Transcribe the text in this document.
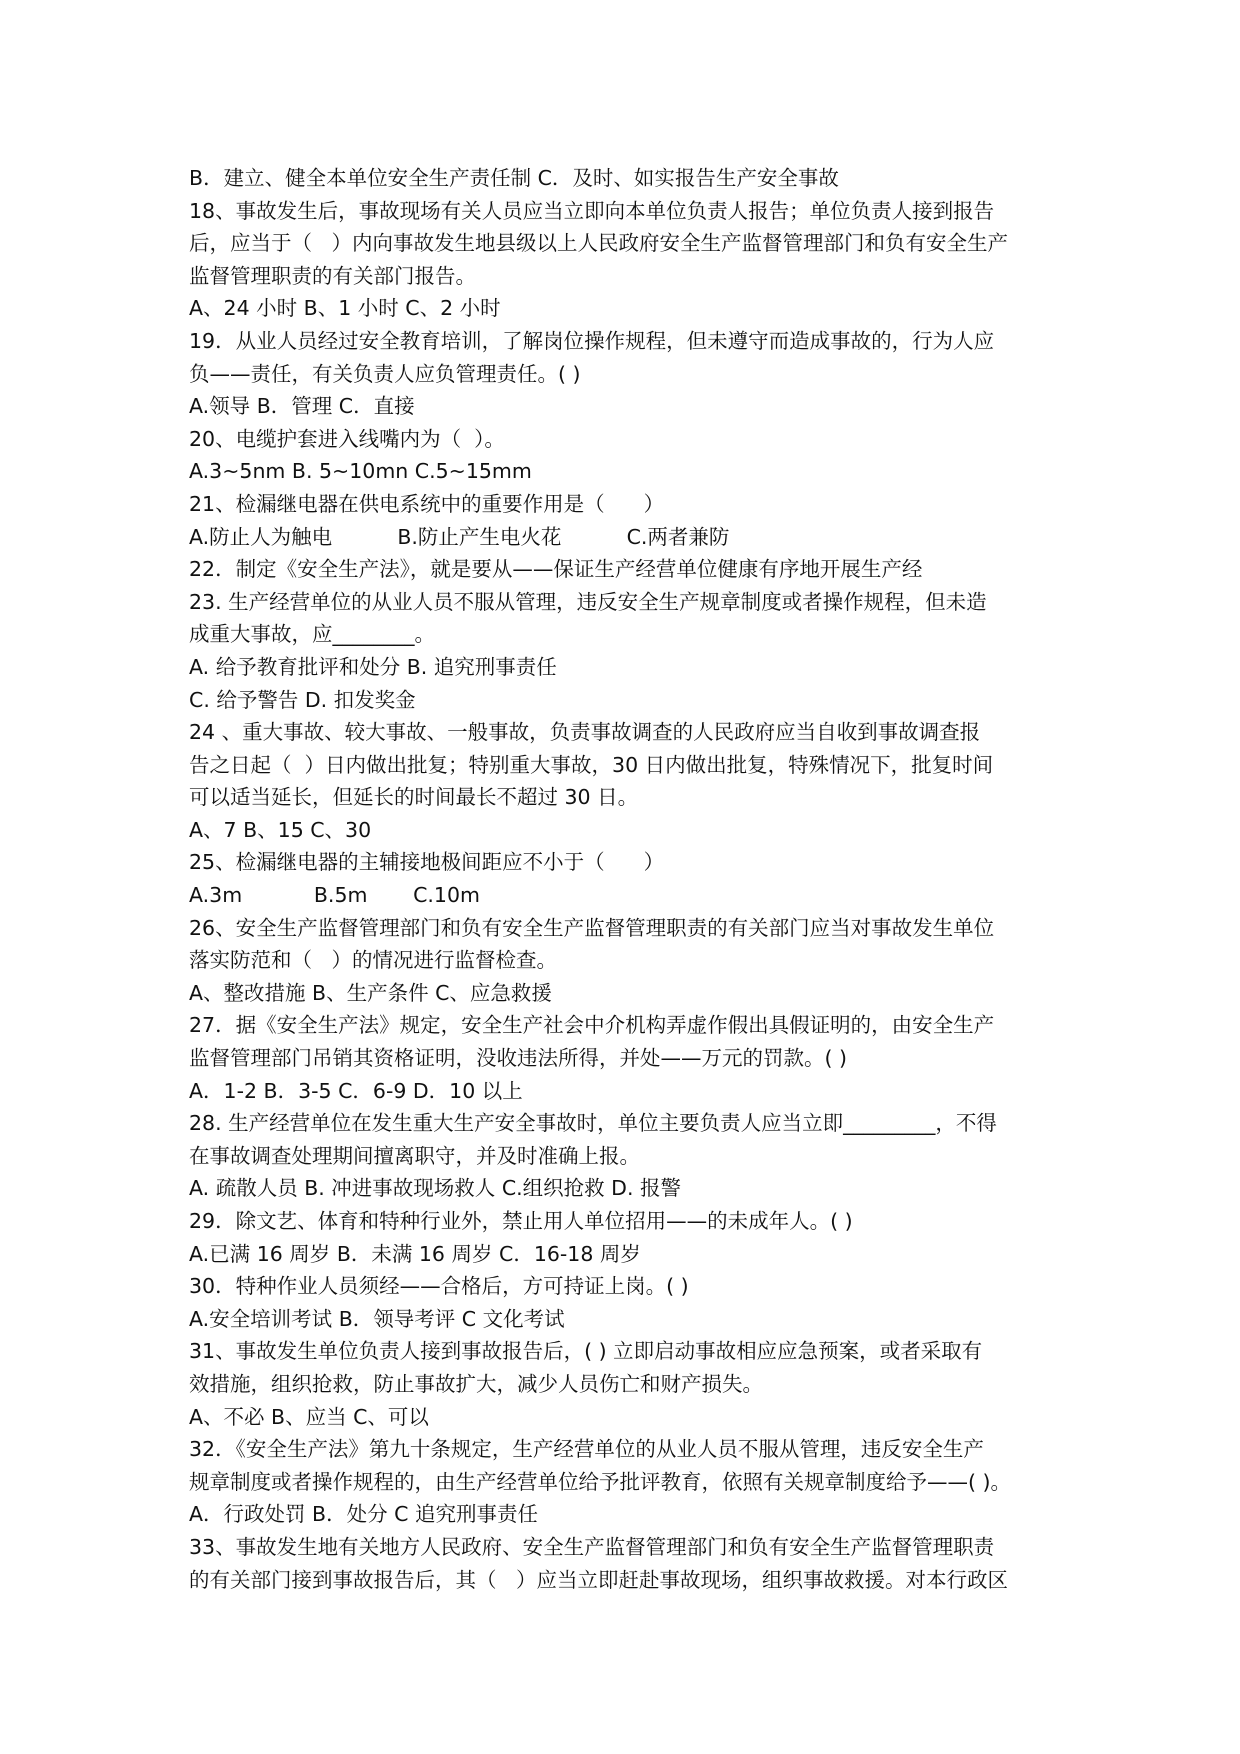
B．建立、健全本单位安全生产责任制 C．及时、如实报告生产安全事故
18、事故发生后，事故现场有关人员应当立即向本单位负责人报告；单位负责人接到报告
后，应当于（   ）内向事故发生地县级以上人民政府安全生产监督管理部门和负有安全生产
监督管理职责的有关部门报告。
A、24 小时 B、1 小时 C、2 小时
19．从业人员经过安全教育培训，了解岗位操作规程，但未遵守而造成事故的，行为人应
负——责任，有关负责人应负管理责任。( )
A.领导 B．管理 C．直接
20、电缆护套进入线嘴内为（  ）。
A.3~5nm B. 5~10mn C.5~15mm
21、检漏继电器在供电系统中的重要作用是（      ）
A.防止人为触电          B.防止产生电火花          C.两者兼防
22．制定《安全生产法》，就是要从——保证生产经营单位健康有序地开展生产经
23. 生产经营单位的从业人员不服从管理，违反安全生产规章制度或者操作规程，但未造
成重大事故，应________。
A. 给予教育批评和处分 B. 追究刑事责任
C. 给予警告 D. 扣发奖金
24 、重大事故、较大事故、一般事故，负责事故调查的人民政府应当自收到事故调查报
告之日起（  ）日内做出批复；特别重大事故，30 日内做出批复，特殊情况下，批复时间
可以适当延长，但延长的时间最长不超过 30 日。
A、7 B、15 C、30
25、检漏继电器的主辅接地极间距应不小于（      ）
A.3m           B.5m       C.10m
26、安全生产监督管理部门和负有安全生产监督管理职责的有关部门应当对事故发生单位
落实防范和（   ）的情况进行监督检查。
A、整改措施 B、生产条件 C、应急救援
27．据《安全生产法》规定，安全生产社会中介机构弄虚作假出具假证明的，由安全生产
监督管理部门吊销其资格证明，没收违法所得，并处——万元的罚款。( )
A．1-2 B．3-5 C．6-9 D．10 以上
28. 生产经营单位在发生重大生产安全事故时，单位主要负责人应当立即_________，不得
在事故调查处理期间擅离职守，并及时准确上报。
A. 疏散人员 B. 冲进事故现场救人 C.组织抢救 D. 报警
29．除文艺、体育和特种行业外，禁止用人单位招用——的未成年人。( )
A.已满 16 周岁 B．未满 16 周岁 C．16-18 周岁
30．特种作业人员须经——合格后，方可持证上岗。( )
A.安全培训考试 B．领导考评 C 文化考试
31、事故发生单位负责人接到事故报告后，( ) 立即启动事故相应应急预案，或者采取有
效措施，组织抢救，防止事故扩大，减少人员伤亡和财产损失。
A、不必 B、应当 C、可以
32．《安全生产法》第九十条规定，生产经营单位的从业人员不服从管理，违反安全生产
规章制度或者操作规程的，由生产经营单位给予批评教育，依照有关规章制度给予——( )。
A．行政处罚 B．处分 C 追究刑事责任
33、事故发生地有关地方人民政府、安全生产监督管理部门和负有安全生产监督管理职责
的有关部门接到事故报告后，其（   ）应当立即赶赴事故现场，组织事故救援。对本行政区
